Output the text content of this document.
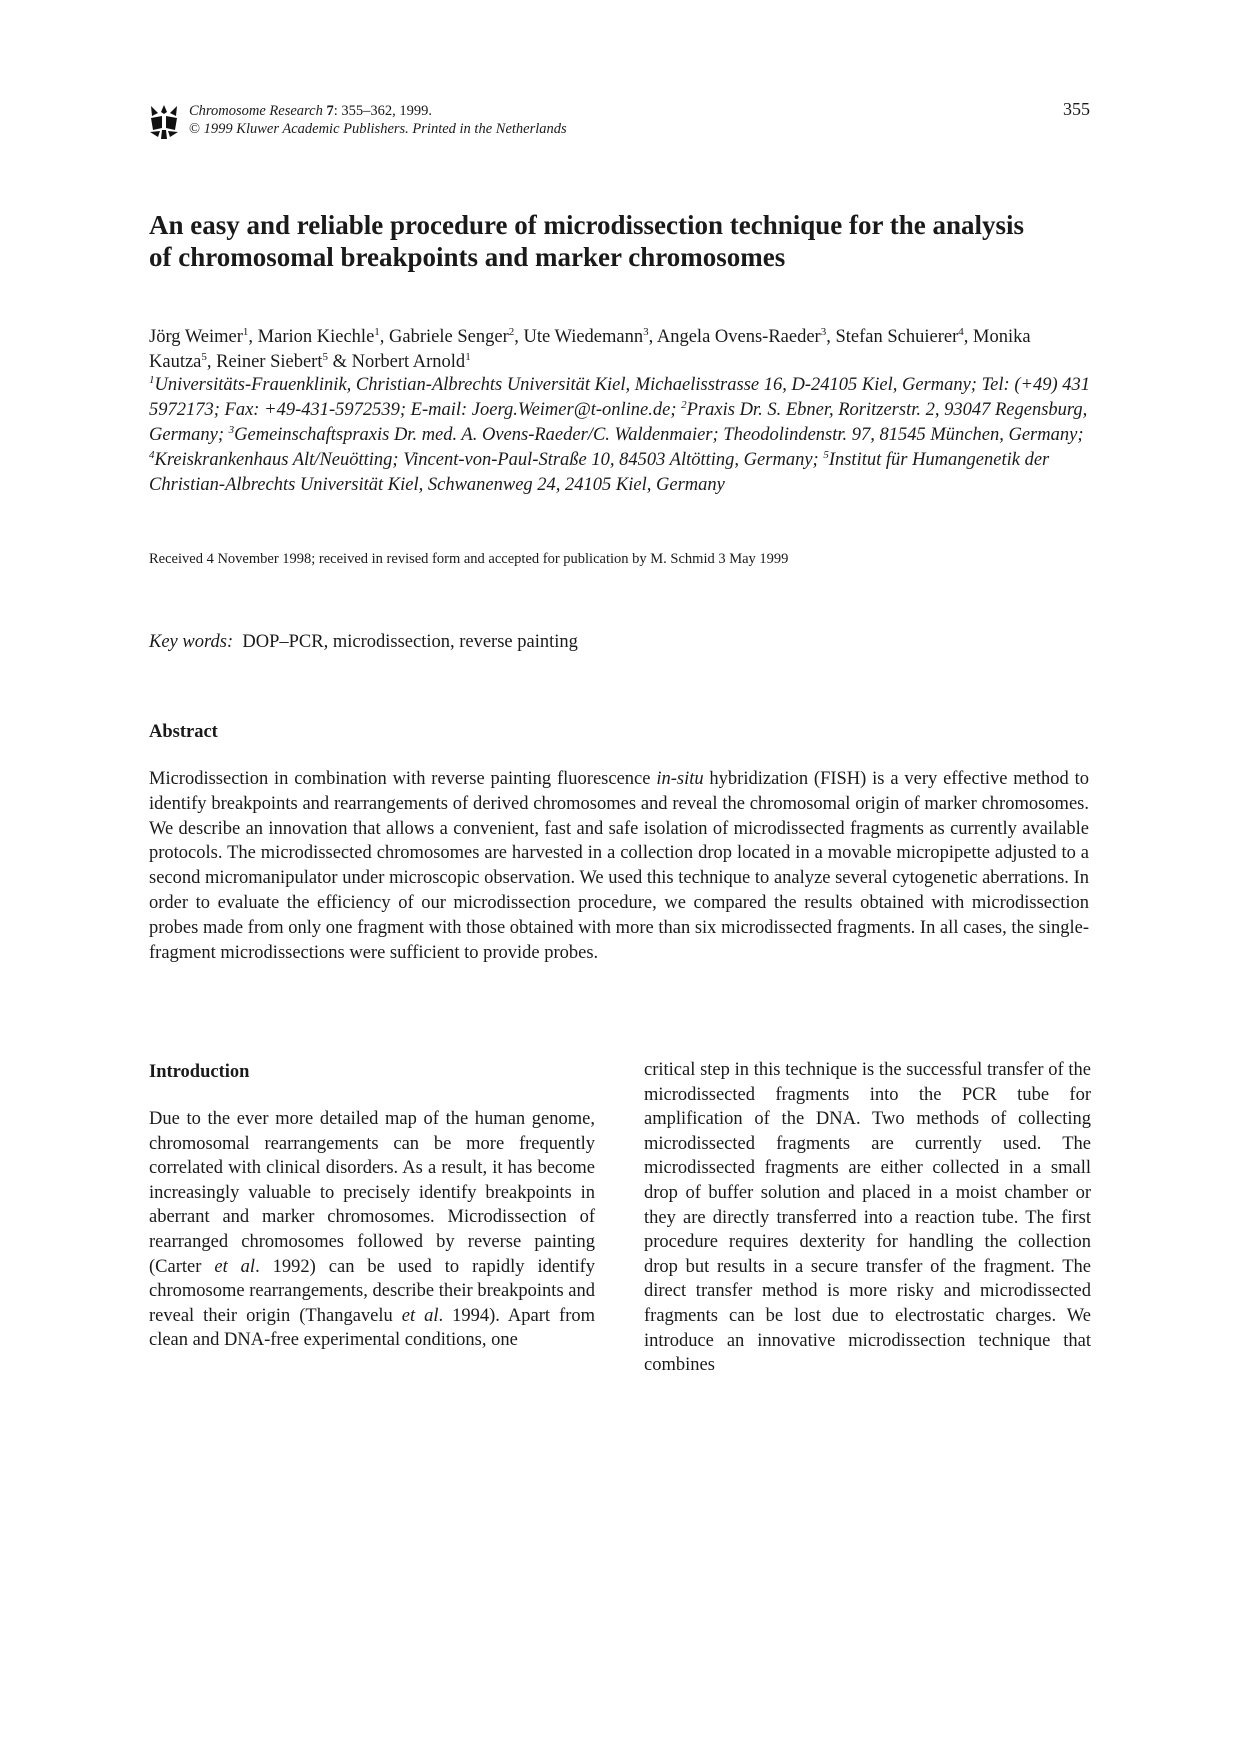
Chromosome Research 7: 355–362, 1999.
© 1999 Kluwer Academic Publishers. Printed in the Netherlands
355
An easy and reliable procedure of microdissection technique for the analysis
of chromosomal breakpoints and marker chromosomes
Jörg Weimer$^1$, Marion Kiechle$^1$, Gabriele Senger$^2$, Ute Wiedemann$^3$, Angela Ovens-Raeder$^3$, Stefan Schuierer$^4$, Monika Kautza$^5$, Reiner Siebert$^5$ & Norbert Arnold$^1$
$^1$Universitäts-Frauenklinik, Christian-Albrechts Universität Kiel, Michaelisstrasse 16, D-24105 Kiel, Germany; Tel: (+49) 431 5972173; Fax: +49-431-5972539; E-mail: Joerg.Weimer@t-online.de; $^2$Praxis Dr. S. Ebner, Roritzerstr. 2, 93047 Regensburg, Germany; $^3$Gemeinschaftspraxis Dr. med. A. Ovens-Raeder/C. Waldenmaier; Theodolindenstr. 97, 81545 München, Germany; $^4$Kreiskrankenhaus Alt/Neuötting; Vincent-von-Paul-Straße 10, 84503 Altötting, Germany; $^5$Institut für Humangenetik der Christian-Albrechts Universität Kiel, Schwanenweg 24, 24105 Kiel, Germany
Received 4 November 1998; received in revised form and accepted for publication by M. Schmid 3 May 1999
Key words: DOP–PCR, microdissection, reverse painting
Abstract

Microdissection in combination with reverse painting fluorescence in-situ hybridization (FISH) is a very effective method to identify breakpoints and rearrangements of derived chromosomes and reveal the chromosomal origin of marker chromosomes. We describe an innovation that allows a convenient, fast and safe isolation of microdissected fragments as currently available protocols. The microdissected chromosomes are harvested in a collection drop located in a movable micropipette adjusted to a second micromanipulator under microscopic observation. We used this technique to analyze several cytogenetic aberrations. In order to evaluate the efficiency of our microdissection procedure, we compared the results obtained with microdissection probes made from only one fragment with those obtained with more than six microdissected fragments. In all cases, the single-fragment microdissections were sufficient to provide probes.

Introduction

Due to the ever more detailed map of the human genome, chromosomal rearrangements can be more frequently correlated with clinical disorders. As a result, it has become increasingly valuable to precisely identify breakpoints in aberrant and marker chromosomes. Microdissection of rearranged chromosomes followed by reverse painting (Carter et al. 1992) can be used to rapidly identify chromosome rearrangements, describe their breakpoints and reveal their origin (Thangavelu et al. 1994). Apart from clean and DNA-free experimental conditions, one

critical step in this technique is the successful transfer of the microdissected fragments into the PCR tube for amplification of the DNA. Two methods of collecting microdissected fragments are currently used. The microdissected fragments are either collected in a small drop of buffer solution and placed in a moist chamber or they are directly transferred into a reaction tube. The first procedure requires dexterity for handling the collection drop but results in a secure transfer of the fragment. The direct transfer method is more risky and microdissected fragments can be lost due to electrostatic charges. We introduce an innovative microdissection technique that combines
